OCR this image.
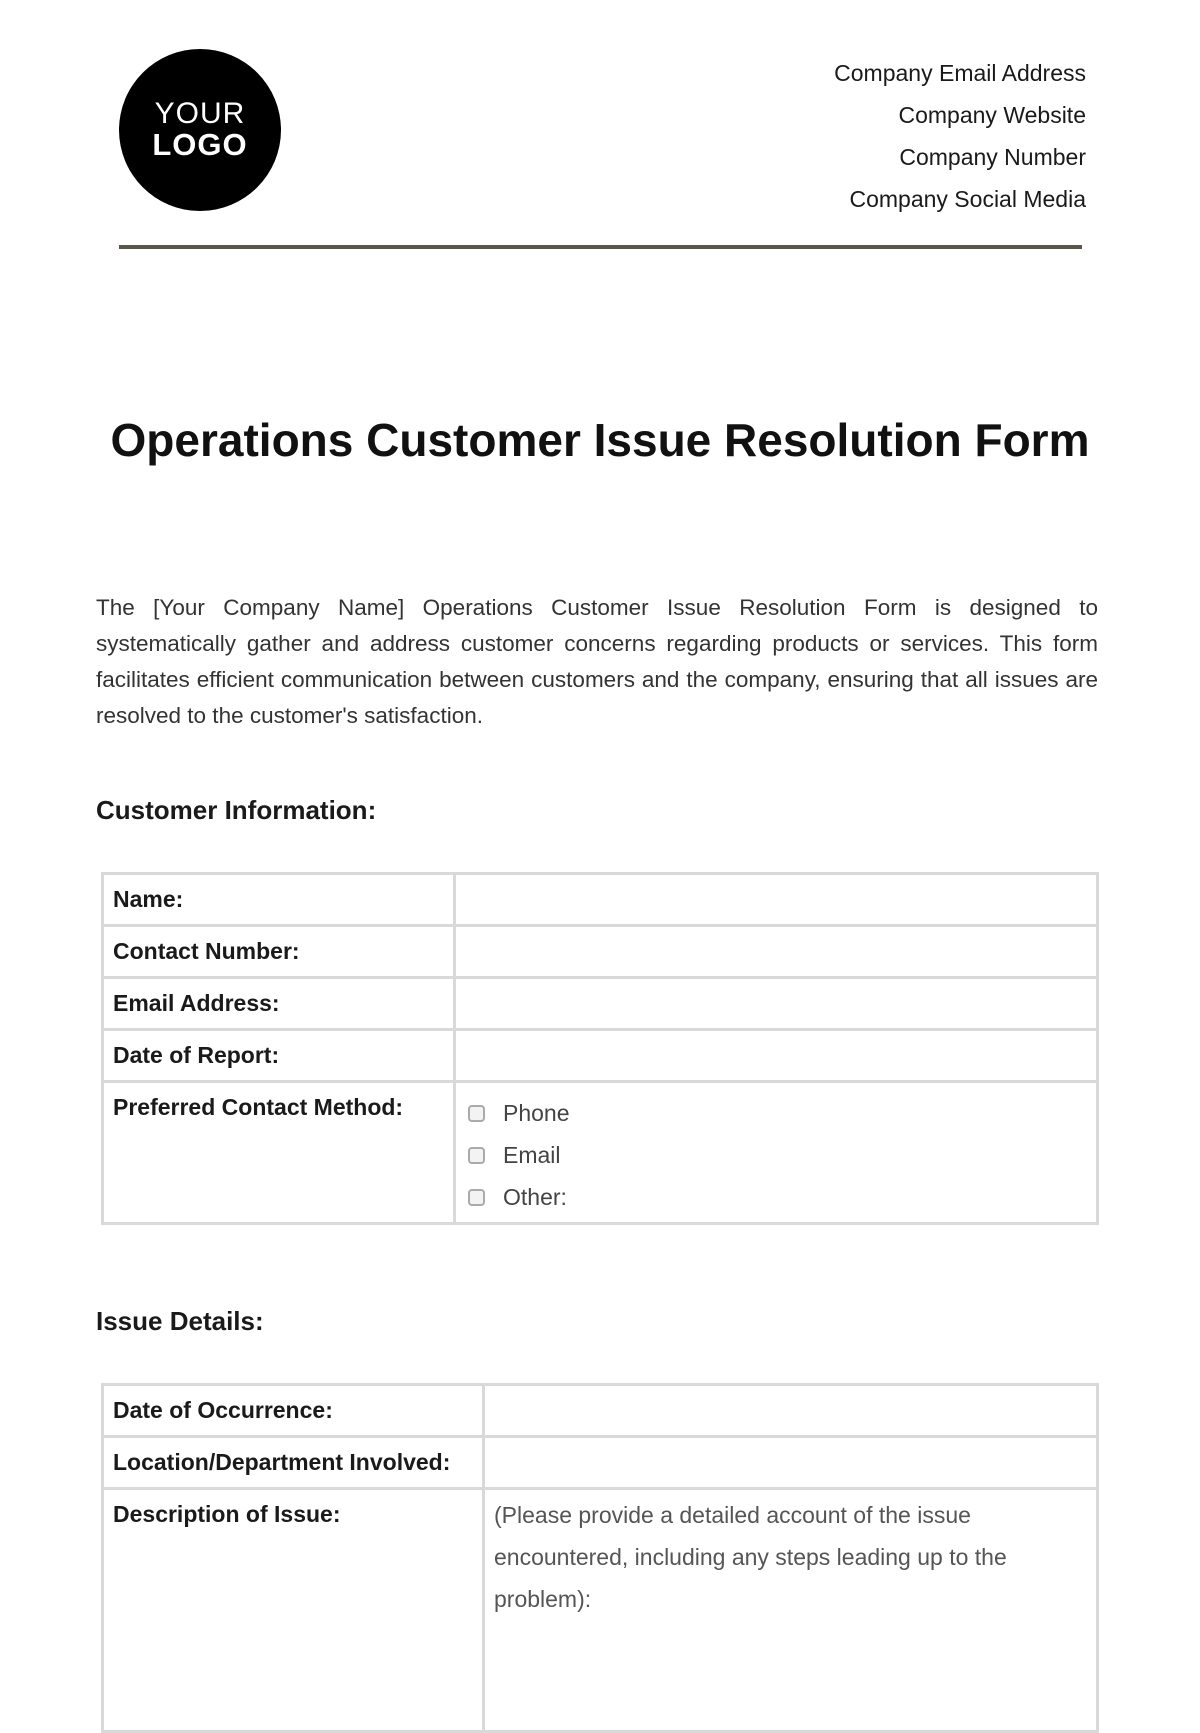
YOUR
LOGO
Company Email Address
Company Website
Company Number
Company Social Media
Operations Customer Issue Resolution Form

The [Your Company Name] Operations Customer Issue Resolution Form is designed to systematically gather and address customer concerns regarding products or services. This form facilitates efficient communication between customers and the company, ensuring that all issues are resolved to the customer's satisfaction.

Customer Information:
Name:	
Contact Number:	
Email Address:	
Date of Report:	
Preferred Contact Method:	Phone
Email
Other:
Issue Details:
Date of Occurrence:	
Location/Department Involved:	
Description of Issue:	(Please provide a detailed account of the issue encountered, including any steps leading up to the problem):
